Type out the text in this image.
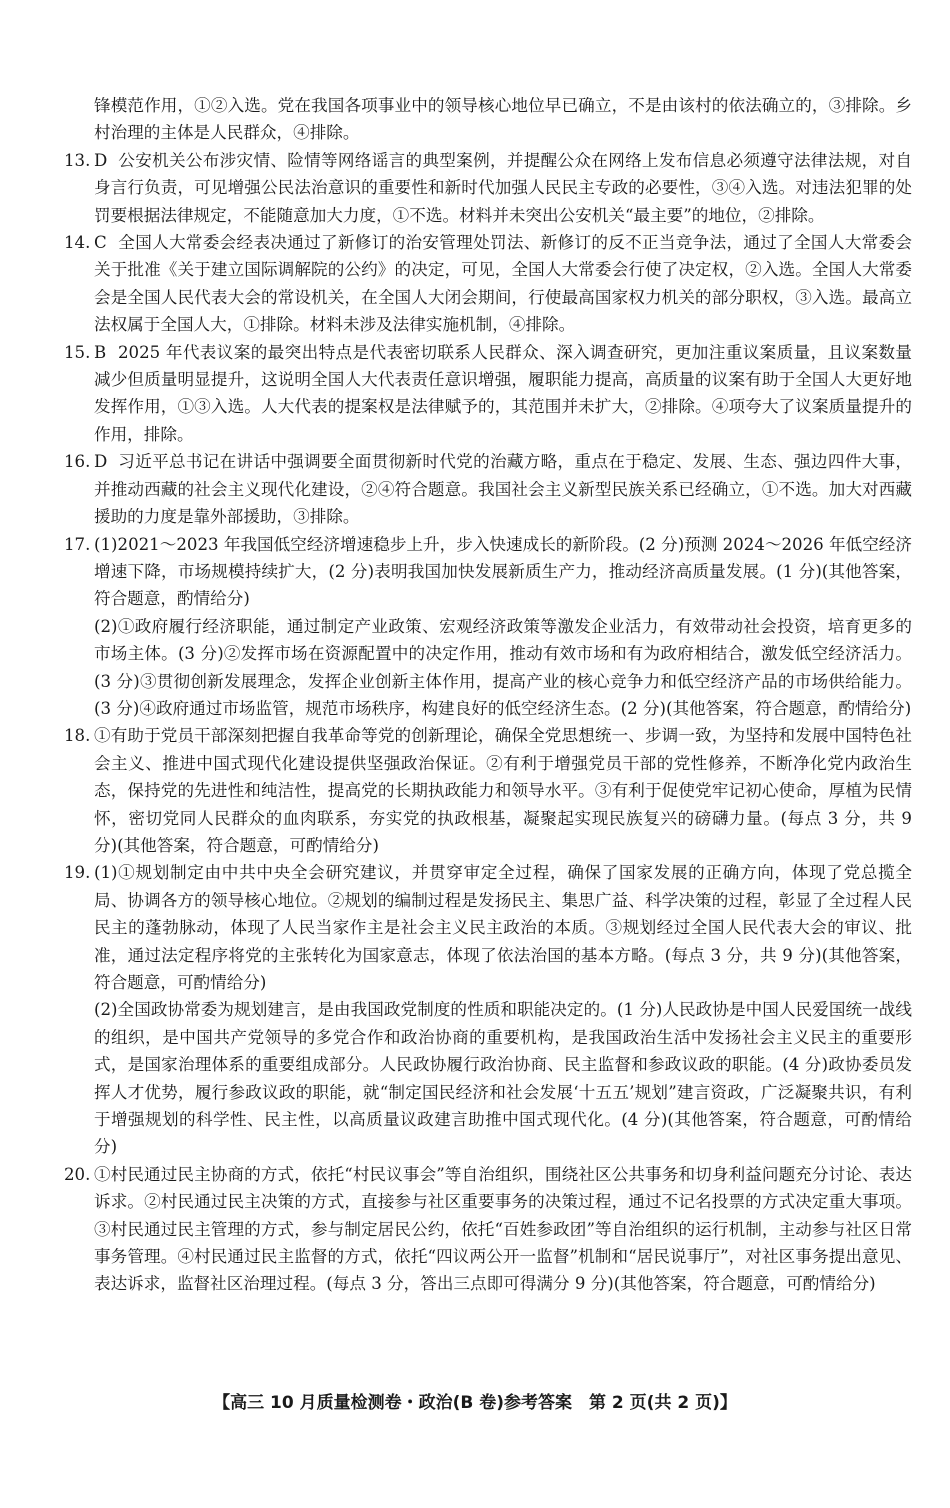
锋模范作用，①②入选。党在我国各项事业中的领导核心地位早已确立，不是由该村的依法确立的，③排除。乡村治理的主体是人民群众，④排除。

13. D 公安机关公布涉灾情、险情等网络谣言的典型案例，并提醒公众在网络上发布信息必须遵守法律法规，对自身言行负责，可见增强公民法治意识的重要性和新时代加强人民民主专政的必要性，③④入选。对违法犯罪的处罚要根据法律规定，不能随意加大力度，①不选。材料并未突出公安机关“最主要”的地位，②排除。

14. C 全国人大常委会经表决通过了新修订的治安管理处罚法、新修订的反不正当竞争法，通过了全国人大常委会关于批准《关于建立国际调解院的公约》的决定，可见，全国人大常委会行使了决定权，②入选。全国人大常委会是全国人民代表大会的常设机关，在全国人大闭会期间，行使最高国家权力机关的部分职权，③入选。最高立法权属于全国人大，①排除。材料未涉及法律实施机制，④排除。

15. B 2025 年代表议案的最突出特点是代表密切联系人民群众、深入调查研究，更加注重议案质量，且议案数量减少但质量明显提升，这说明全国人大代表责任意识增强，履职能力提高，高质量的议案有助于全国人大更好地发挥作用，①③入选。人大代表的提案权是法律赋予的，其范围并未扩大，②排除。④项夸大了议案质量提升的作用，排除。

16. D 习近平总书记在讲话中强调要全面贯彻新时代党的治藏方略，重点在于稳定、发展、生态、强边四件大事，并推动西藏的社会主义现代化建设，②④符合题意。我国社会主义新型民族关系已经确立，①不选。加大对西藏援助的力度是靠外部援助，③排除。

17. (1)2021～2023 年我国低空经济增速稳步上升，步入快速成长的新阶段。(2 分)预测 2024～2026 年低空经济增速下降，市场规模持续扩大，(2 分)表明我国加快发展新质生产力，推动经济高质量发展。(1 分)(其他答案，符合题意，酌情给分)

(2)①政府履行经济职能，通过制定产业政策、宏观经济政策等激发企业活力，有效带动社会投资，培育更多的市场主体。(3 分)②发挥市场在资源配置中的决定作用，推动有效市场和有为政府相结合，激发低空经济活力。(3 分)③贯彻创新发展理念，发挥企业创新主体作用，提高产业的核心竞争力和低空经济产品的市场供给能力。(3 分)④政府通过市场监管，规范市场秩序，构建良好的低空经济生态。(2 分)(其他答案，符合题意，酌情给分)

18. ①有助于党员干部深刻把握自我革命等党的创新理论，确保全党思想统一、步调一致，为坚持和发展中国特色社会主义、推进中国式现代化建设提供坚强政治保证。②有利于增强党员干部的党性修养，不断净化党内政治生态，保持党的先进性和纯洁性，提高党的长期执政能力和领导水平。③有利于促使党牢记初心使命，厚植为民情怀，密切党同人民群众的血肉联系，夯实党的执政根基，凝聚起实现民族复兴的磅礴力量。(每点 3 分，共 9 分)(其他答案，符合题意，可酌情给分)

19. (1)①规划制定由中共中央全会研究建议，并贯穿审定全过程，确保了国家发展的正确方向，体现了党总揽全局、协调各方的领导核心地位。②规划的编制过程是发扬民主、集思广益、科学决策的过程，彰显了全过程人民民主的蓬勃脉动，体现了人民当家作主是社会主义民主政治的本质。③规划经过全国人民代表大会的审议、批准，通过法定程序将党的主张转化为国家意志，体现了依法治国的基本方略。(每点 3 分，共 9 分)(其他答案，符合题意，可酌情给分)

(2)全国政协常委为规划建言，是由我国政党制度的性质和职能决定的。(1 分)人民政协是中国人民爱国统一战线的组织，是中国共产党领导的多党合作和政治协商的重要机构，是我国政治生活中发扬社会主义民主的重要形式，是国家治理体系的重要组成部分。人民政协履行政治协商、民主监督和参政议政的职能。(4 分)政协委员发挥人才优势，履行参政议政的职能，就“制定国民经济和社会发展‘十五五’规划”建言资政，广泛凝聚共识，有利于增强规划的科学性、民主性，以高质量议政建言助推中国式现代化。(4 分)(其他答案，符合题意，可酌情给分)

20. ①村民通过民主协商的方式，依托“村民议事会”等自治组织，围绕社区公共事务和切身利益问题充分讨论、表达诉求。②村民通过民主决策的方式，直接参与社区重要事务的决策过程，通过不记名投票的方式决定重大事项。③村民通过民主管理的方式，参与制定居民公约，依托“百姓参政团”等自治组织的运行机制，主动参与社区日常事务管理。④村民通过民主监督的方式，依托“四议两公开一监督”机制和“居民说事厅”，对社区事务提出意见、表达诉求，监督社区治理过程。(每点 3 分，答出三点即可得满分 9 分)(其他答案，符合题意，可酌情给分)

【高三 10 月质量检测卷・政治(B 卷)参考答案　第 2 页(共 2 页)】
